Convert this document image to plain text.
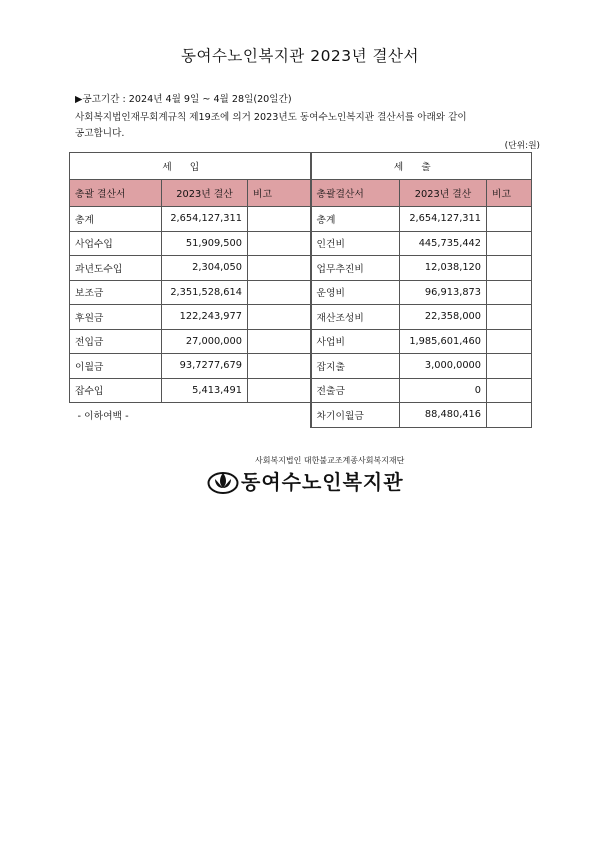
동여수노인복지관 2023년 결산서
▶공고기간 : 2024년 4월 9일 ~ 4월 28일(20일간)
사회복지법인재무회계규칙 제19조에 의거 2023년도 동여수노인복지관 결산서를 아래와 같이
공고합니다.
(단위:원)
세입			세출		
총괄 결산서	2023년 결산	비고	총괄결산서	2023년 결산	비고
총계	2,654,127,311		총계	2,654,127,311	
사업수입	51,909,500		인건비	445,735,442	
과년도수입	2,304,050		업무추진비	12,038,120	
보조금	2,351,528,614		운영비	96,913,873	
후원금	122,243,977		재산조성비	22,358,000	
전입금	27,000,000		사업비	1,985,601,460	
이월금	93,7277,679		잡지출	3,000,0000	
잡수입	5,413,491		전출금	0	
- 이하여백 -			차기이월금	88,480,416	
사회복지법인 대한불교조계종사회복지재단
동여수노인복지관
